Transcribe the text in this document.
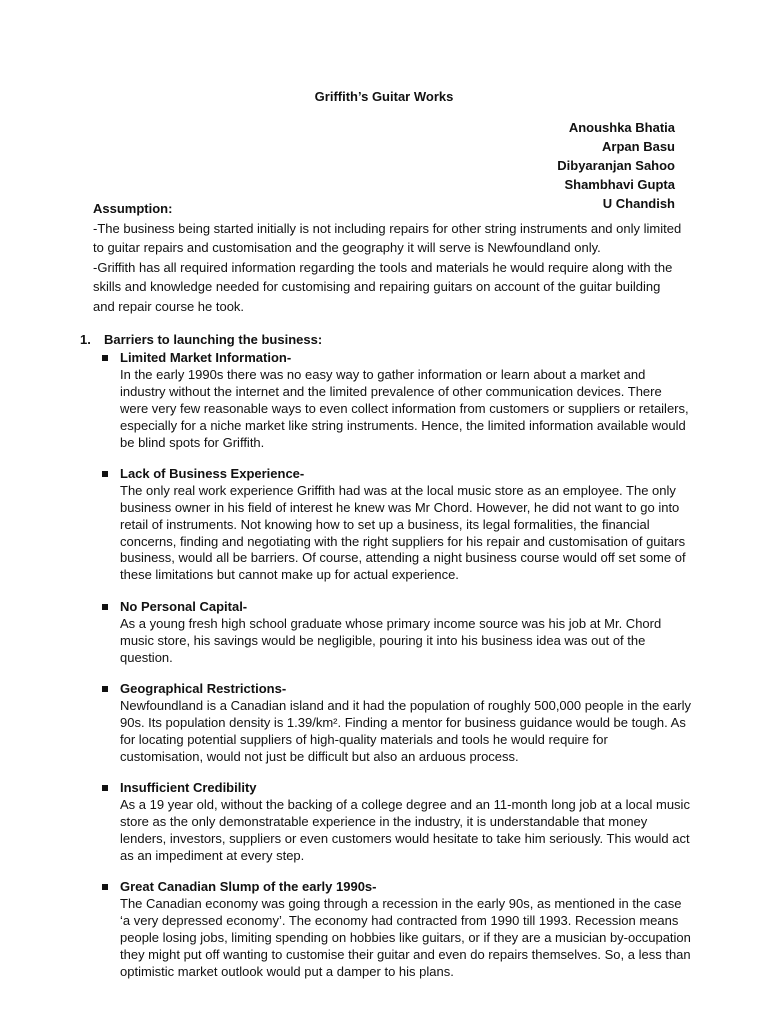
Griffith’s Guitar Works
Anoushka Bhatia
Arpan Basu
Dibyaranjan Sahoo
Shambhavi Gupta
U Chandish
Assumption:
-The business being started initially is not including repairs for other string instruments and only limited to guitar repairs and customisation and the geography it will serve is Newfoundland only.
-Griffith has all required information regarding the tools and materials he would require along with the skills and knowledge needed for customising and repairing guitars on account of the guitar building and repair course he took.
1.	Barriers to launching the business:
Limited Market Information-
In the early 1990s there was no easy way to gather information or learn about a market and industry without the internet and the limited prevalence of other communication devices. There were very few reasonable ways to even collect information from customers or suppliers or retailers, especially for a niche market like string instruments. Hence, the limited information available would be blind spots for Griffith.
Lack of Business Experience-
The only real work experience Griffith had was at the local music store as an employee. The only business owner in his field of interest he knew was Mr Chord. However, he did not want to go into retail of instruments. Not knowing how to set up a business, its legal formalities, the financial concerns, finding and negotiating with the right suppliers for his repair and customisation of guitars business, would all be barriers. Of course, attending a night business course would off set some of these limitations but cannot make up for actual experience.
No Personal Capital-
As a young fresh high school graduate whose primary income source was his job at Mr. Chord music store, his savings would be negligible, pouring it into his business idea was out of the question.
Geographical Restrictions-
Newfoundland is a Canadian island and it had the population of roughly 500,000 people in the early 90s. Its population density is 1.39/km². Finding a mentor for business guidance would be tough. As for locating potential suppliers of high-quality materials and tools he would require for customisation, would not just be difficult but also an arduous process.
Insufficient Credibility
As a 19 year old, without the backing of a college degree and an 11-month long job at a local music store as the only demonstratable experience in the industry, it is understandable that money lenders, investors, suppliers or even customers would hesitate to take him seriously. This would act as an impediment at every step.
Great Canadian Slump of the early 1990s-
The Canadian economy was going through a recession in the early 90s, as mentioned in the case ‘a very depressed economy’. The economy had contracted from 1990 till 1993. Recession means people losing jobs, limiting spending on hobbies like guitars, or if they are a musician by-occupation they might put off wanting to customise their guitar and even do repairs themselves. So, a less than optimistic market outlook would put a damper to his plans.
